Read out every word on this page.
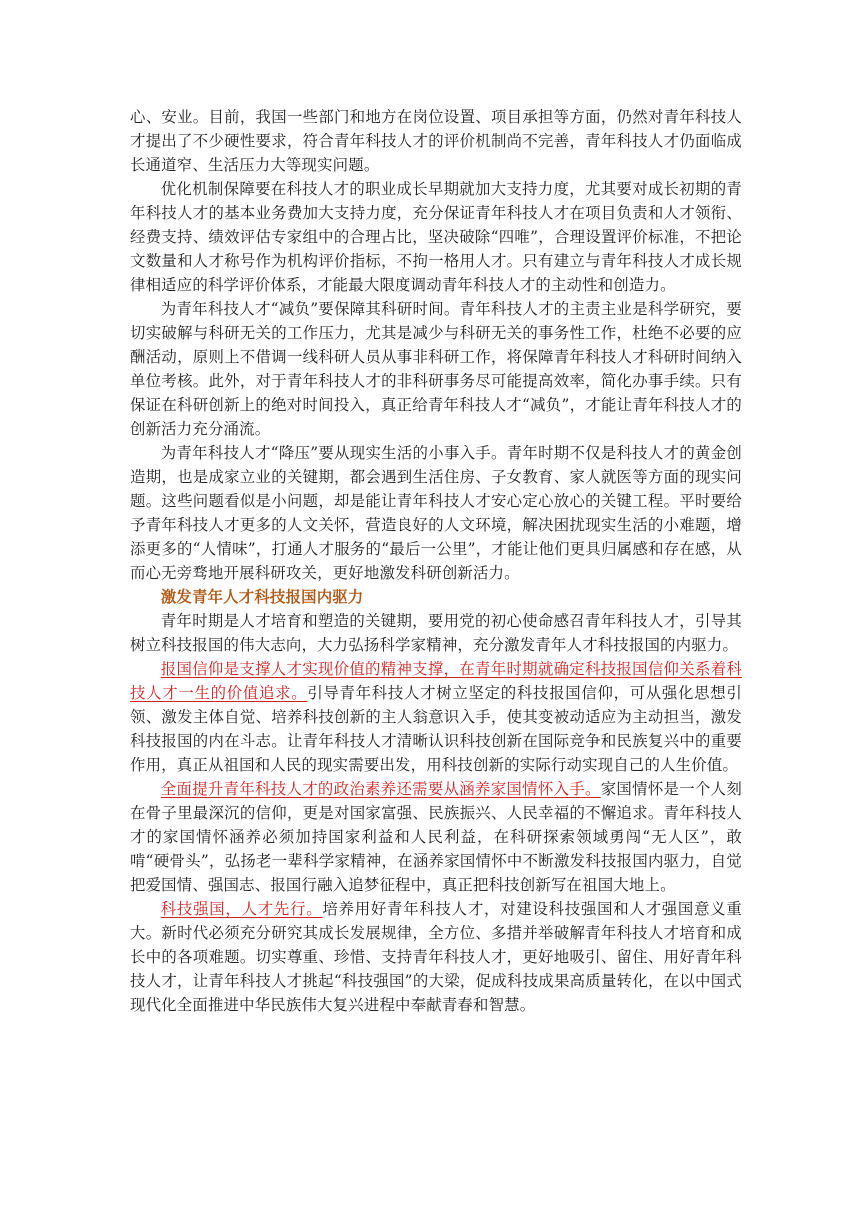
心、安业。目前，我国一些部门和地方在岗位设置、项目承担等方面，仍然对青年科技人才提出了不少硬性要求，符合青年科技人才的评价机制尚不完善，青年科技人才仍面临成长通道窄、生活压力大等现实问题。

优化机制保障要在科技人才的职业成长早期就加大支持力度，尤其要对成长初期的青年科技人才的基本业务费加大支持力度，充分保证青年科技人才在项目负责和人才领衔、经费支持、绩效评估专家组中的合理占比，坚决破除“四唯”，合理设置评价标准，不把论文数量和人才称号作为机构评价指标，不拘一格用人才。只有建立与青年科技人才成长规律相适应的科学评价体系，才能最大限度调动青年科技人才的主动性和创造力。

为青年科技人才“减负”要保障其科研时间。青年科技人才的主责主业是科学研究，要切实破解与科研无关的工作压力，尤其是减少与科研无关的事务性工作，杜绝不必要的应酬活动，原则上不借调一线科研人员从事非科研工作，将保障青年科技人才科研时间纳入单位考核。此外，对于青年科技人才的非科研事务尽可能提高效率，简化办事手续。只有保证在科研创新上的绝对时间投入，真正给青年科技人才“减负”，才能让青年科技人才的创新活力充分涌流。

为青年科技人才“降压”要从现实生活的小事入手。青年时期不仅是科技人才的黄金创造期，也是成家立业的关键期，都会遇到生活住房、子女教育、家人就医等方面的现实问题。这些问题看似是小问题，却是能让青年科技人才安心定心放心的关键工程。平时要给予青年科技人才更多的人文关怀，营造良好的人文环境，解决困扰现实生活的小难题，增添更多的“人情味”，打通人才服务的“最后一公里”，才能让他们更具归属感和存在感，从而心无旁骛地开展科研攻关，更好地激发科研创新活力。

激发青年人才科技报国内驱力

青年时期是人才培育和塑造的关键期，要用党的初心使命感召青年科技人才，引导其树立科技报国的伟大志向，大力弘扬科学家精神，充分激发青年人才科技报国的内驱力。

报国信仰是支撑人才实现价值的精神支撑，在青年时期就确定科技报国信仰关系着科技人才一生的价值追求。引导青年科技人才树立坚定的科技报国信仰，可从强化思想引领、激发主体自觉、培养科技创新的主人翁意识入手，使其变被动适应为主动担当，激发科技报国的内在斗志。让青年科技人才清晰认识科技创新在国际竞争和民族复兴中的重要作用，真正从祖国和人民的现实需要出发，用科技创新的实际行动实现自己的人生价值。

全面提升青年科技人才的政治素养还需要从涵养家国情怀入手。家国情怀是一个人刻在骨子里最深沉的信仰，更是对国家富强、民族振兴、人民幸福的不懈追求。青年科技人才的家国情怀涵养必须加持国家利益和人民利益，在科研探索领域勇闯“无人区”，敢啃“硬骨头”，弘扬老一辈科学家精神，在涵养家国情怀中不断激发科技报国内驱力，自觉把爱国情、强国志、报国行融入追梦征程中，真正把科技创新写在祖国大地上。

科技强国，人才先行。培养用好青年科技人才，对建设科技强国和人才强国意义重大。新时代必须充分研究其成长发展规律，全方位、多措并举破解青年科技人才培育和成长中的各项难题。切实尊重、珍惜、支持青年科技人才，更好地吸引、留住、用好青年科技人才，让青年科技人才挑起“科技强国”的大梁，促成科技成果高质量转化，在以中国式现代化全面推进中华民族伟大复兴进程中奉献青春和智慧。
